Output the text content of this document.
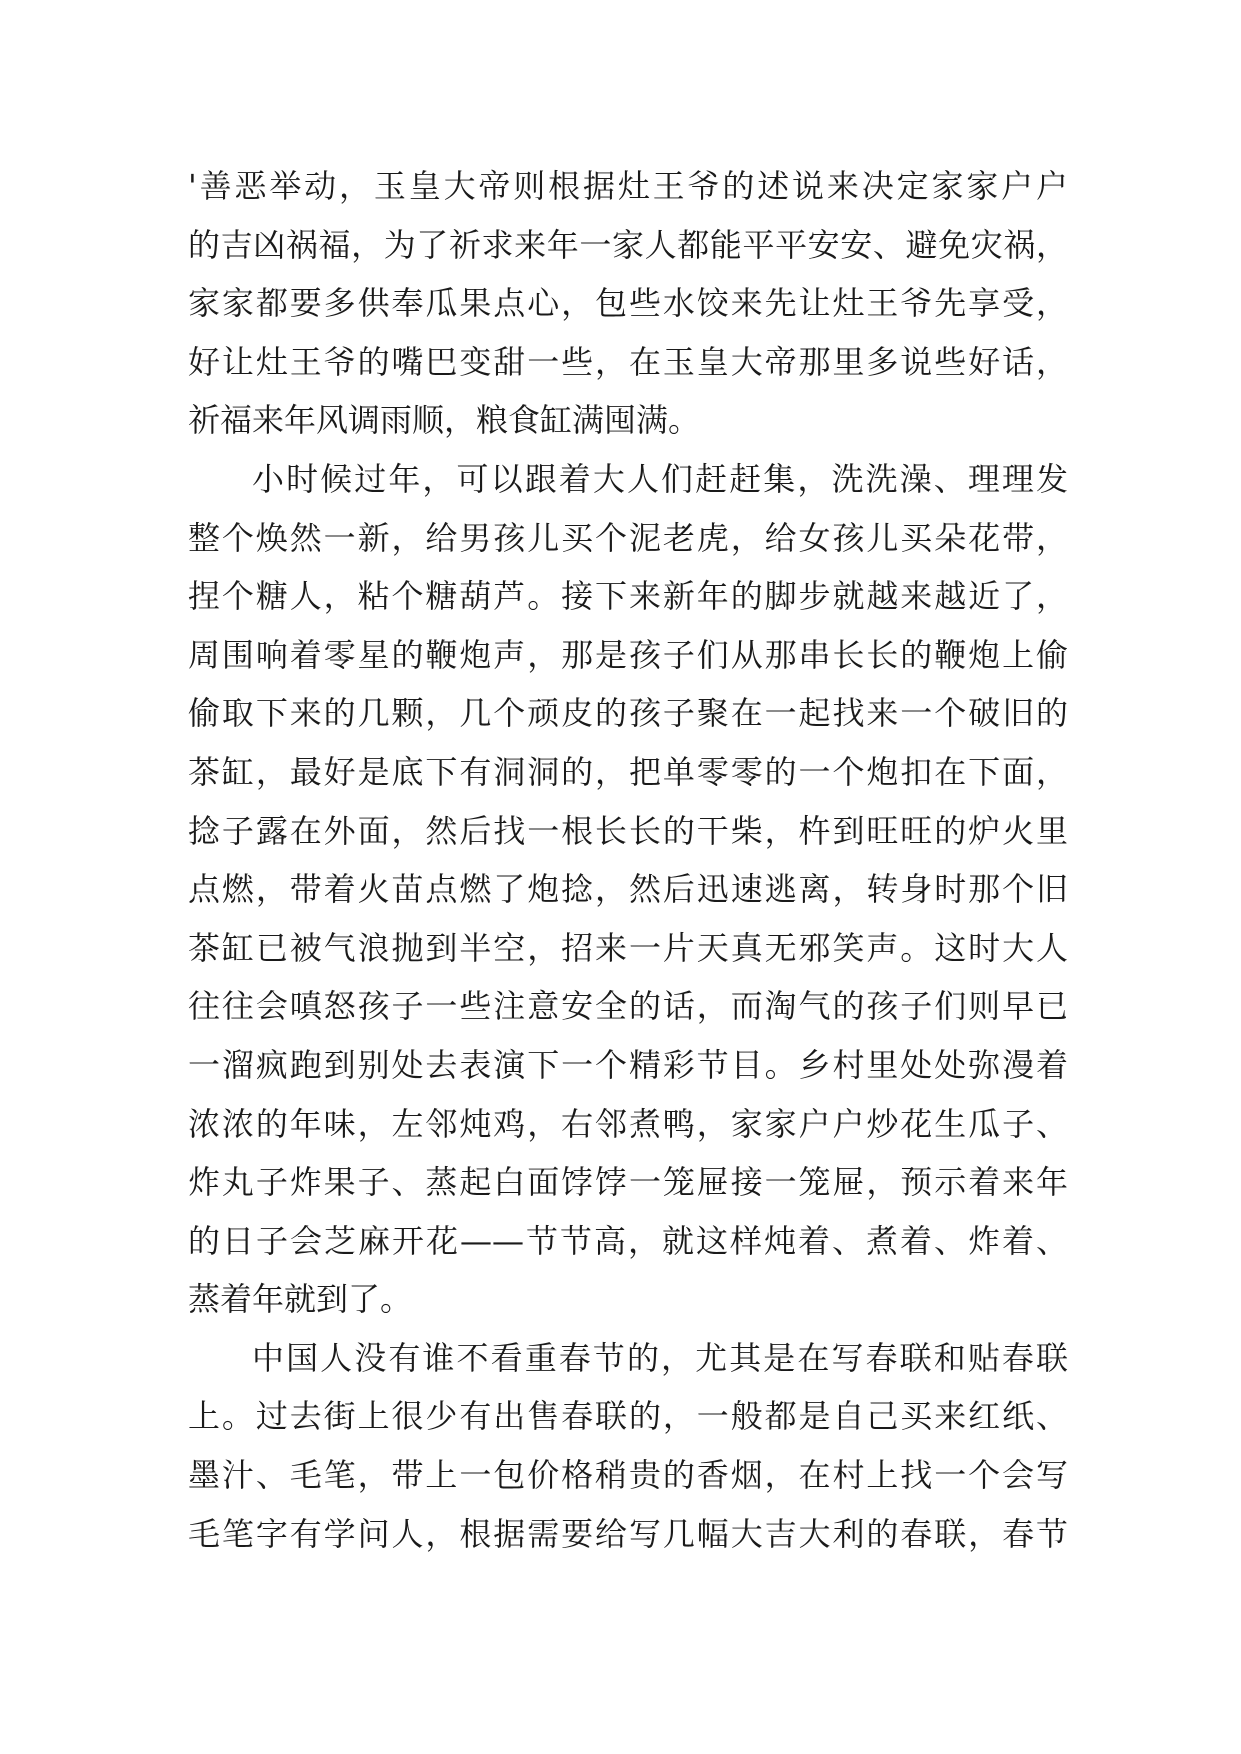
'善恶举动，玉皇大帝则根据灶王爷的述说来决定家家户户
的吉凶祸福，为了祈求来年一家人都能平平安安、避免灾祸，
家家都要多供奉瓜果点心，包些水饺来先让灶王爷先享受，
好让灶王爷的嘴巴变甜一些，在玉皇大帝那里多说些好话，
祈福来年风调雨顺，粮食缸满囤满。
小时候过年，可以跟着大人们赶赶集，洗洗澡、理理发
整个焕然一新，给男孩儿买个泥老虎，给女孩儿买朵花带，
捏个糖人，粘个糖葫芦。接下来新年的脚步就越来越近了，
周围响着零星的鞭炮声，那是孩子们从那串长长的鞭炮上偷
偷取下来的几颗，几个顽皮的孩子聚在一起找来一个破旧的
茶缸，最好是底下有洞洞的，把单零零的一个炮扣在下面，
捻子露在外面，然后找一根长长的干柴，杵到旺旺的炉火里
点燃，带着火苗点燃了炮捻，然后迅速逃离，转身时那个旧
茶缸已被气浪抛到半空，招来一片天真无邪笑声。这时大人
往往会嗔怒孩子一些注意安全的话，而淘气的孩子们则早已
一溜疯跑到别处去表演下一个精彩节目。乡村里处处弥漫着
浓浓的年味，左邻炖鸡，右邻煮鸭，家家户户炒花生瓜子、
炸丸子炸果子、蒸起白面饽饽一笼屉接一笼屉，预示着来年
的日子会芝麻开花——节节高，就这样炖着、煮着、炸着、
蒸着年就到了。
中国人没有谁不看重春节的，尤其是在写春联和贴春联
上。过去街上很少有出售春联的，一般都是自己买来红纸、
墨汁、毛笔，带上一包价格稍贵的香烟，在村上找一个会写
毛笔字有学问人，根据需要给写几幅大吉大利的春联，春节
